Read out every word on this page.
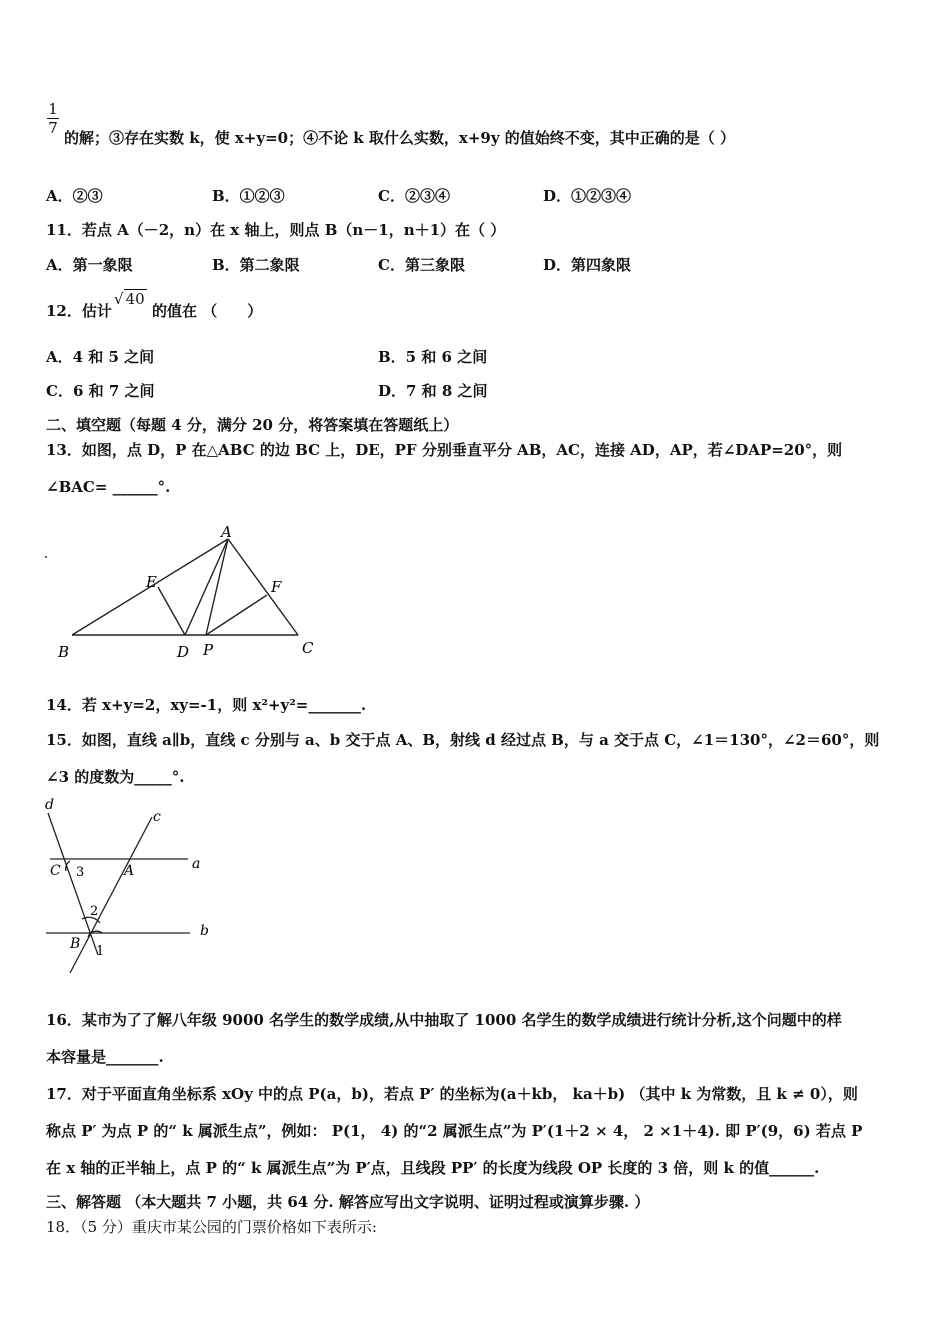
1
7
的解；③存在实数 k，使 x+y=0；④不论 k 取什么实数，x+9y 的值始终不变，其中正确的是（ ）
A．②③	B．①②③	C．②③④	D．①②③④
11．若点 A（－2，n）在 x 轴上，则点 B（n－1，n＋1）在（ ）
A．第一象限	B．第二象限	C．第三象限	D．第四象限
12．估计
√ 40
的值在 （　　）
A．4 和 5 之间	B．5 和 6 之间
C．6 和 7 之间	D．7 和 8 之间
二、填空题（每题 4 分，满分 20 分，将答案填在答题纸上）
13．如图，点 D，P 在△ABC 的边 BC 上，DE，PF 分别垂直平分 AB，AC，连接 AD，AP，若∠DAP=20°，则
∠BAC= ______°.
A
B	C
D
E	F
P
14．若 x+y=2，xy=-1，则 x²+y²=_______.
15．如图，直线 a∥b，直线 c 分别与 a、b 交于点 A、B，射线 d 经过点 B，与 a 交于点 C，∠1＝130°，∠2＝60°，则
∠3 的度数为_____°.
d
c
a
b
C	A
B 1
2
3
16．某市为了了解八年级 9000 名学生的数学成绩,从中抽取了 1000 名学生的数学成绩进行统计分析,这个问题中的样
本容量是_______.
17．对于平面直角坐标系 xOy 中的点 P(a，b)，若点 P′ 的坐标为(a＋kb， ka＋b) （其中 k 为常数，且 k ≠ 0），则
称点 P′ 为点 P 的“ k 属派生点”，例如： P(1， 4) 的“2 属派生点”为 P′(1＋2 × 4， 2 ×1＋4). 即 P′(9，6) 若点 P
在 x 轴的正半轴上，点 P 的“ k 属派生点”为 P′点，且线段 PP′ 的长度为线段 OP 长度的 3 倍，则 k 的值______.
三、解答题 （本大题共 7 小题，共 64 分. 解答应写出文字说明、证明过程或演算步骤. ）
18．（5 分）重庆市某公园的门票价格如下表所示:
